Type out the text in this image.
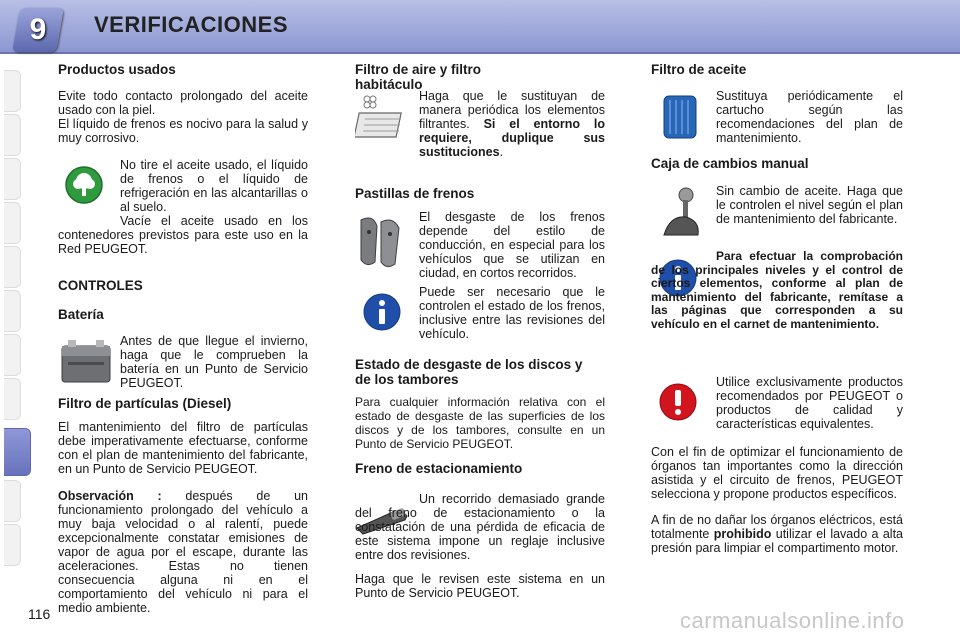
VERIFICACIONES
9
Productos usados

Evite todo contacto prolongado del aceite usado con la piel.

El líquido de frenos es nocivo para la salud y muy corrosivo.

No tire el aceite usado, el líquido de frenos o el líquido de refrigeración en las alcantarillas o al suelo.

Vacíe el aceite usado en los contenedores previstos para este uso en la Red PEUGEOT.

CONTROLES
Batería

Antes de que llegue el invierno, haga que le comprueben la batería en un Punto de Servicio PEUGEOT.

Filtro de partículas (Diesel)

El mantenimiento del filtro de partículas debe imperativamente efectuarse, conforme con el plan de mantenimiento del fabricante, en un Punto de Servicio PEUGEOT.

Observación : después de un funcionamiento prolongado del vehículo a muy baja velocidad o al ralentí, puede excepcionalmente constatar emisiones de vapor de agua por el escape, durante las aceleraciones. Estas no tienen consecuencia alguna ni en el comportamiento del vehículo ni para el medio ambiente.

Filtro de aire y filtro habitáculo

Haga que le sustituyan de manera periódica los elementos filtrantes. Si el entorno lo requiere, duplique sus sustituciones.

Pastillas de frenos

El desgaste de los frenos depende del estilo de conducción, en especial para los vehículos que se utilizan en ciudad, en cortos recorridos.

Puede ser necesario que le controlen el estado de los frenos, inclusive entre las revisiones del vehículo.

Estado de desgaste de los discos y de los tambores

Para cualquier información relativa con el estado de desgaste de las superficies de los discos y de los tambores, consulte en un Punto de Servicio PEUGEOT.

Freno de estacionamiento

Un recorrido demasiado grande del freno de estacionamiento o la constatación de una pérdida de eficacia de este sistema impone un reglaje inclusive entre dos revisiones.

Haga que le revisen este sistema en un Punto de Servicio PEUGEOT.

Filtro de aceite

Sustituya periódicamente el cartucho según las recomendaciones del plan de mantenimiento.

Caja de cambios manual

Sin cambio de aceite. Haga que le controlen el nivel según el plan de mantenimiento del fabricante.

Para efectuar la comprobación de los principales niveles y el control de ciertos elementos, conforme al plan de mantenimiento del fabricante, remítase a las páginas que corresponden a su vehículo en el carnet de mantenimiento.

Utilice exclusivamente productos recomendados por PEUGEOT o productos de calidad y características equivalentes.

Con el fin de optimizar el funcionamiento de órganos tan importantes como la dirección asistida y el circuito de frenos, PEUGEOT selecciona y propone productos específicos.

A fin de no dañar los órganos eléctricos, está totalmente prohibido utilizar el lavado a alta presión para limpiar el compartimento motor.

116	carmanualsonline.info
